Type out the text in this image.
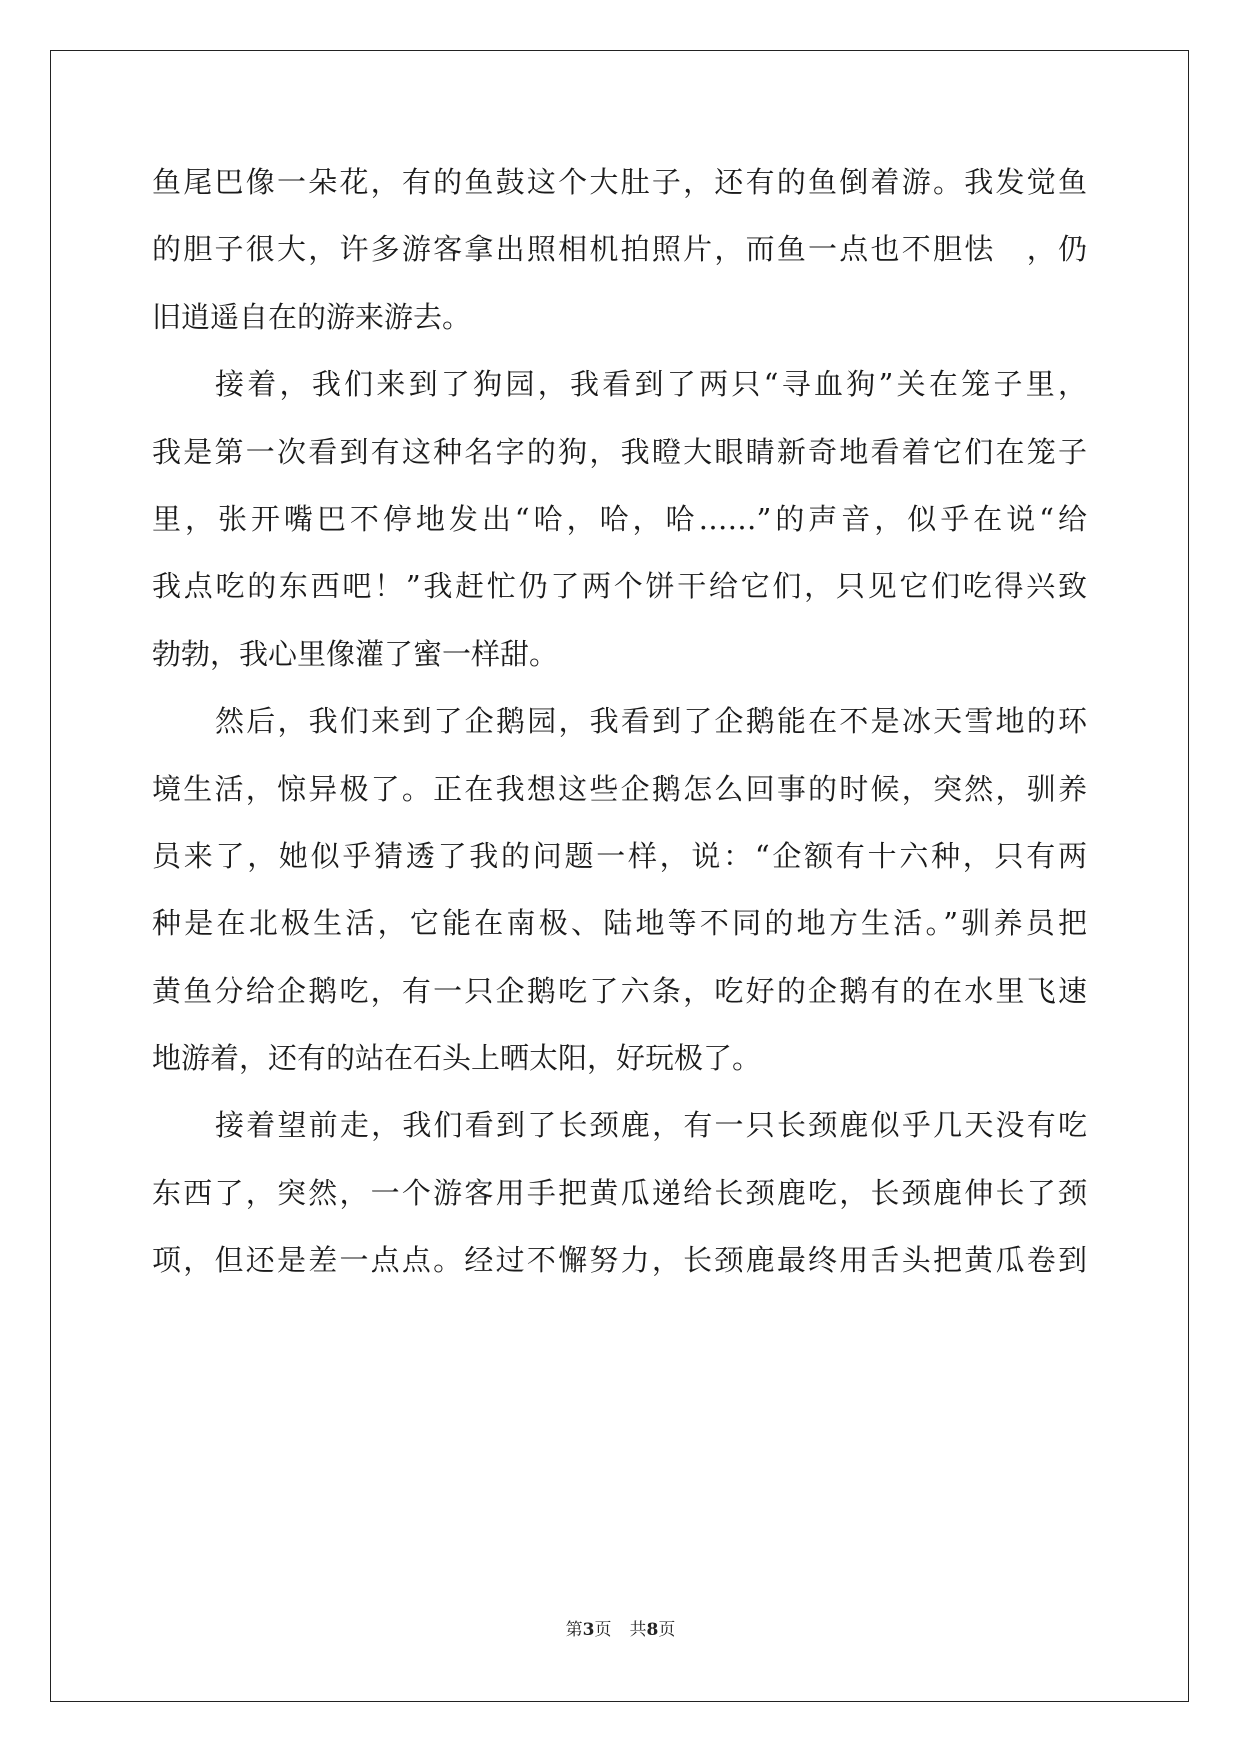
鱼尾巴像一朵花，有的鱼鼓这个大肚子，还有的鱼倒着游。我发觉鱼
的胆子很大，许多游客拿出照相机拍照片，而鱼一点也不胆怯　，仍
旧逍遥自在的游来游去。
接着，我们来到了狗园，我看到了两只“寻血狗”关在笼子里，
我是第一次看到有这种名字的狗，我瞪大眼睛新奇地看着它们在笼子
里，张开嘴巴不停地发出“哈，哈，哈……”的声音，似乎在说“给
我点吃的东西吧！”我赶忙仍了两个饼干给它们，只见它们吃得兴致
勃勃，我心里像灌了蜜一样甜。
然后，我们来到了企鹅园，我看到了企鹅能在不是冰天雪地的环
境生活，惊异极了。正在我想这些企鹅怎么回事的时候，突然，驯养
员来了，她似乎猜透了我的问题一样，说：“企额有十六种，只有两
种是在北极生活，它能在南极、陆地等不同的地方生活。”驯养员把
黄鱼分给企鹅吃，有一只企鹅吃了六条，吃好的企鹅有的在水里飞速
地游着，还有的站在石头上晒太阳，好玩极了。
接着望前走，我们看到了长颈鹿，有一只长颈鹿似乎几天没有吃
东西了，突然，一个游客用手把黄瓜递给长颈鹿吃，长颈鹿伸长了颈
项，但还是差一点点。经过不懈努力，长颈鹿最终用舌头把黄瓜卷到
第3页 共8页
